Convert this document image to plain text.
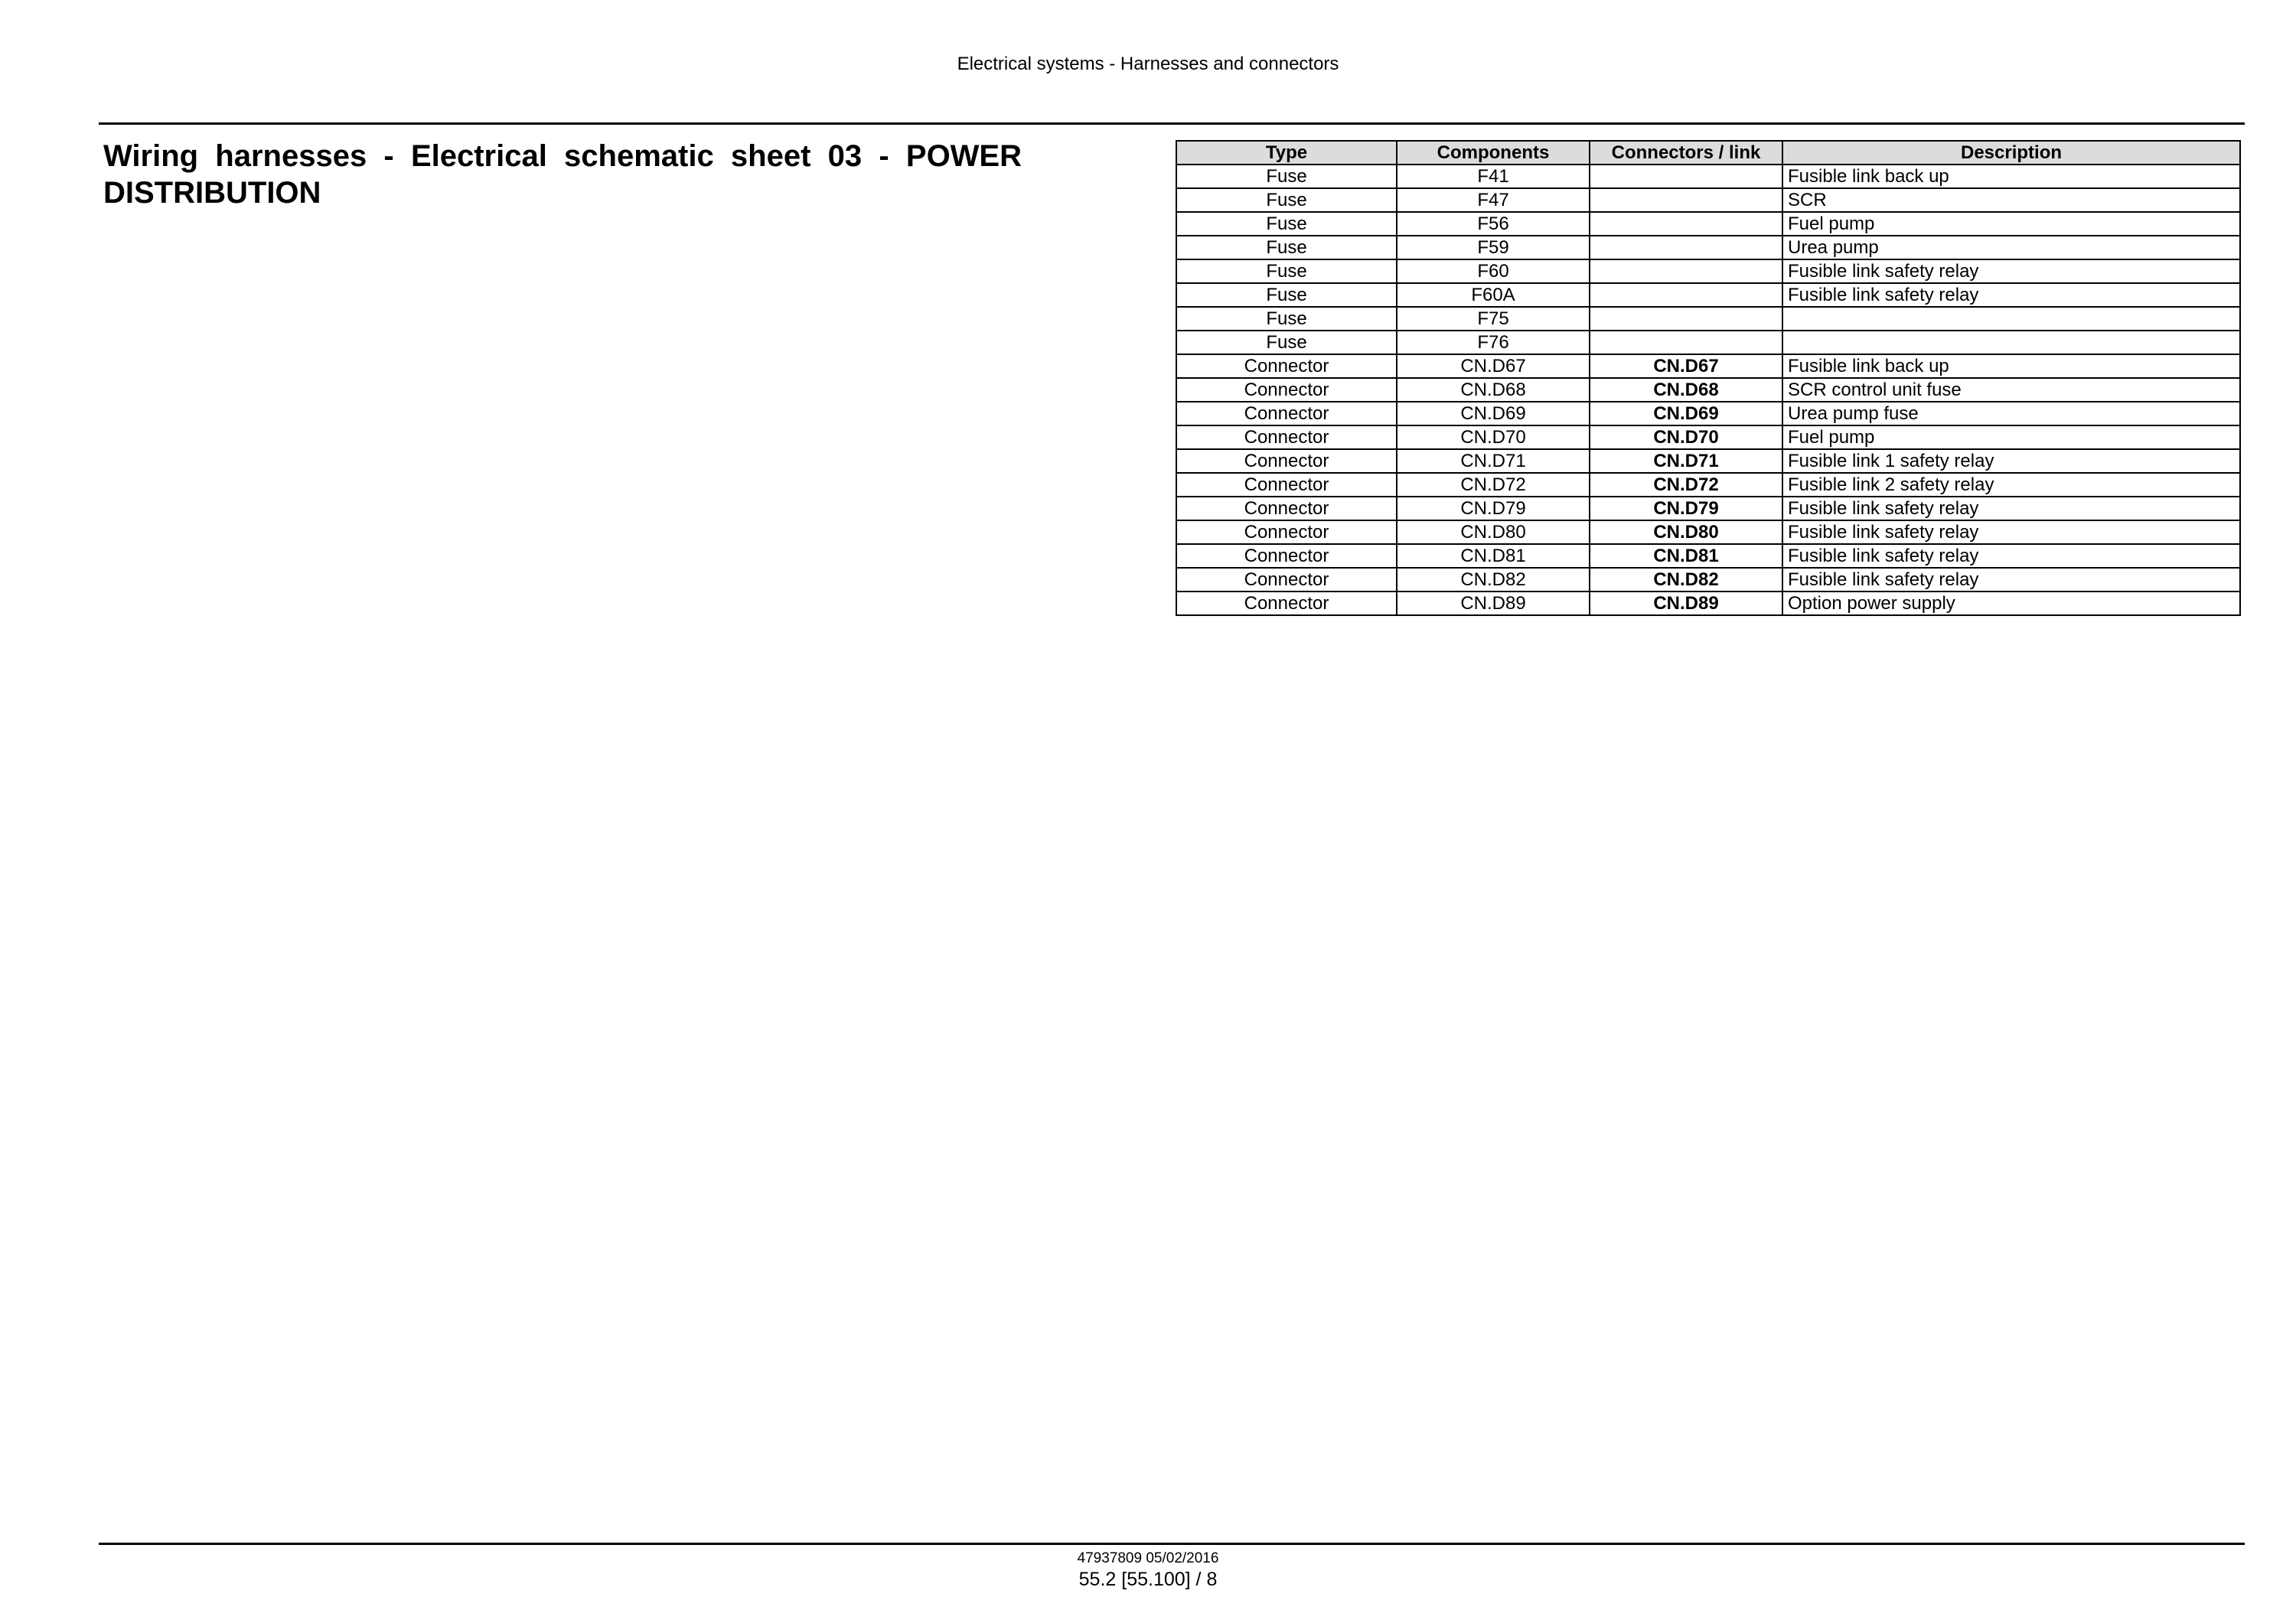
Electrical systems - Harnesses and connectors
Wiring harnesses - Electrical schematic sheet 03 - POWER DISTRIBUTION
Type	Components	Connectors / link	Description
Fuse	F41		Fusible link back up
Fuse	F47		SCR
Fuse	F56		Fuel pump
Fuse	F59		Urea pump
Fuse	F60		Fusible link safety relay
Fuse	F60A		Fusible link safety relay
Fuse	F75		
Fuse	F76		
Connector	CN.D67	CN.D67	Fusible link back up
Connector	CN.D68	CN.D68	SCR control unit fuse
Connector	CN.D69	CN.D69	Urea pump fuse
Connector	CN.D70	CN.D70	Fuel pump
Connector	CN.D71	CN.D71	Fusible link 1 safety relay
Connector	CN.D72	CN.D72	Fusible link 2 safety relay
Connector	CN.D79	CN.D79	Fusible link safety relay
Connector	CN.D80	CN.D80	Fusible link safety relay
Connector	CN.D81	CN.D81	Fusible link safety relay
Connector	CN.D82	CN.D82	Fusible link safety relay
Connector	CN.D89	CN.D89	Option power supply
47937809 05/02/2016
55.2 [55.100] / 8
